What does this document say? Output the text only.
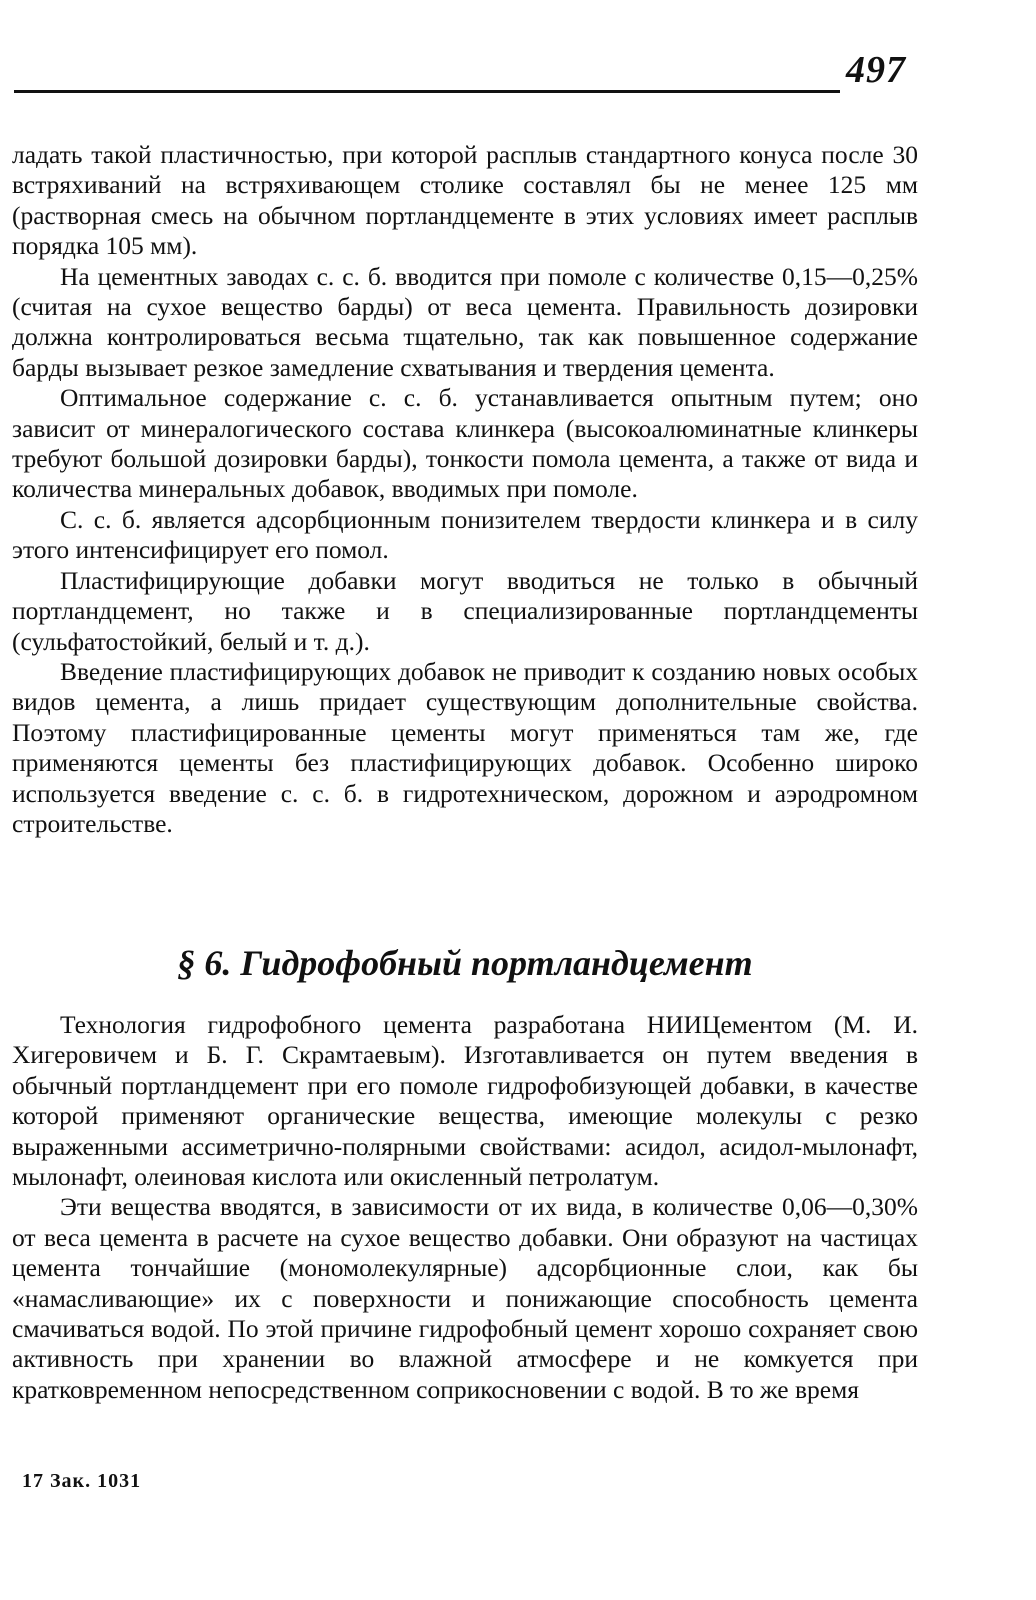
497

ладать такой пластичностью, при которой расплыв стандартного конуса после 30 встряхиваний на встряхивающем столике составлял бы не менее 125 мм (растворная смесь на обычном портландцементе в этих условиях имеет расплыв порядка 105 мм).

На цементных заводах с. с. б. вводится при помоле с количестве 0,15—0,25% (считая на сухое вещество барды) от веса цемента. Правильность дозировки должна контролироваться весьма тщательно, так как повышенное содержание барды вызывает резкое замедление схватывания и твердения цемента.

Оптимальное содержание с. с. б. устанавливается опытным путем; оно зависит от минералогического состава клинкера (высокоалюминатные клинкеры требуют большой дозировки барды), тонкости помола цемента, а также от вида и количества минеральных добавок, вводимых при помоле.

С. с. б. является адсорбционным понизителем твердости клинкера и в силу этого интенсифицирует его помол.

Пластифицирующие добавки могут вводиться не только в обычный портландцемент, но также и в специализированные портландцементы (сульфатостойкий, белый и т. д.).

Введение пластифицирующих добавок не приводит к созданию новых особых видов цемента, а лишь придает существующим дополнительные свойства. Поэтому пластифицированные цементы могут применяться там же, где применяются цементы без пластифицирующих добавок. Особенно широко используется введение с. с. б. в гидротехническом, дорожном и аэродромном строительстве.

§ 6. Гидрофобный портландцемент

Технология гидрофобного цемента разработана НИИЦементом (М. И. Хигеровичем и Б. Г. Скрамтаевым). Изготавливается он путем введения в обычный портландцемент при его помоле гидрофобизующей добавки, в качестве которой применяют органические вещества, имеющие молекулы с резко выраженными ассиметрично-полярными свойствами: асидол, асидол-мылонафт, мылонафт, олеиновая кислота или окисленный петролатум.

Эти вещества вводятся, в зависимости от их вида, в количестве 0,06—0,30% от веса цемента в расчете на сухое вещество добавки. Они образуют на частицах цемента тончайшие (мономолекулярные) адсорбционные слои, как бы «намасливающие» их с поверхности и понижающие способность цемента смачиваться водой. По этой причине гидрофобный цемент хорошо сохраняет свою активность при хранении во влажной атмосфере и не комкуется при кратковременном непосредственном соприкосновении с водой. В то же время

17 Зак. 1031
